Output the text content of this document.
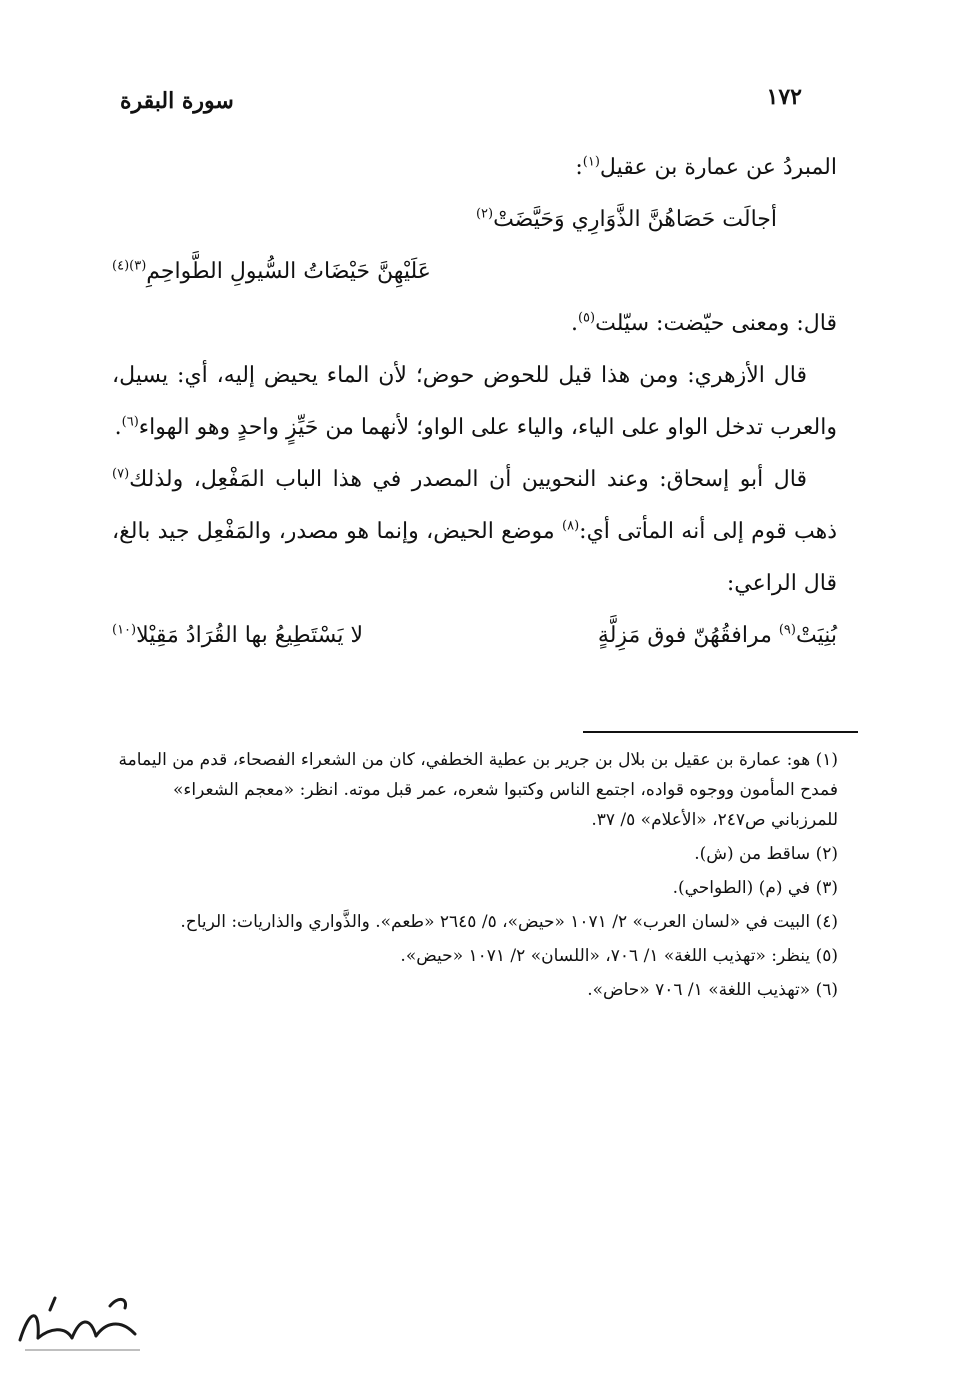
سورة البقرة	١٧٢

المبردُ عن عمارة بن عقيل$^{(١)}$:

أجالَت حَصَاهُنَّ الذَّوَارِي وَحَيَّضَتْ$^{(٢)}$

عَلَيْهِنَّ حَيْضَاتُ السُّيولِ الطَّواحِمِ$^{(٣)(٤)}$

قال: ومعنى حيّضت: سيّلت$^{(٥)}$.

قال الأزهري: ومن هذا قيل للحوض حوض؛ لأن الماء يحيض إليه، أي: يسيل، والعرب تدخل الواو على الياء، والياء على الواو؛ لأنهما من حَيِّزٍ واحدٍ وهو الهواء$^{(٦)}$.

قال أبو إسحاق: وعند النحويين أن المصدر في هذا الباب المَفْعِل، ولذلك$^{(٧)}$ ذهب قوم إلى أنه المأتى أي:$^{(٨)}$ موضع الحيض، وإنما هو مصدر، والمَفْعِل جيد بالغ، قال الراعي:

بُنِيَتْ$^{(٩)}$ مرافقُهُنّ فوق مَزِلَّةٍ
لا يَسْتَطِيعُ بها القُرَادُ مَقِيْلا$^{(١٠)}$

(١) هو: عمارة بن عقيل بن بلال بن جرير بن عطية الخطفي، كان من الشعراء الفصحاء، قدم من اليمامة فمدح المأمون ووجوه قواده، اجتمع الناس وكتبوا شعره، عمر قبل موته. انظر: «معجم الشعراء» للمرزباني ص٢٤٧، «الأعلام» ٥/ ٣٧.

(٢) ساقط من (ش).

(٣) في (م) (الطواحي).

(٤) البيت في «لسان العرب» ٢/ ١٠٧١ «حيض»، ٥/ ٢٦٤٥ «طعم». والذَّواري والذاريات: الرياح.

(٥) ينظر: «تهذيب اللغة» ١/ ٧٠٦، «اللسان» ٢/ ١٠٧١ «حيض».

(٦) «تهذيب اللغة» ١/ ٧٠٦ «حاض».
